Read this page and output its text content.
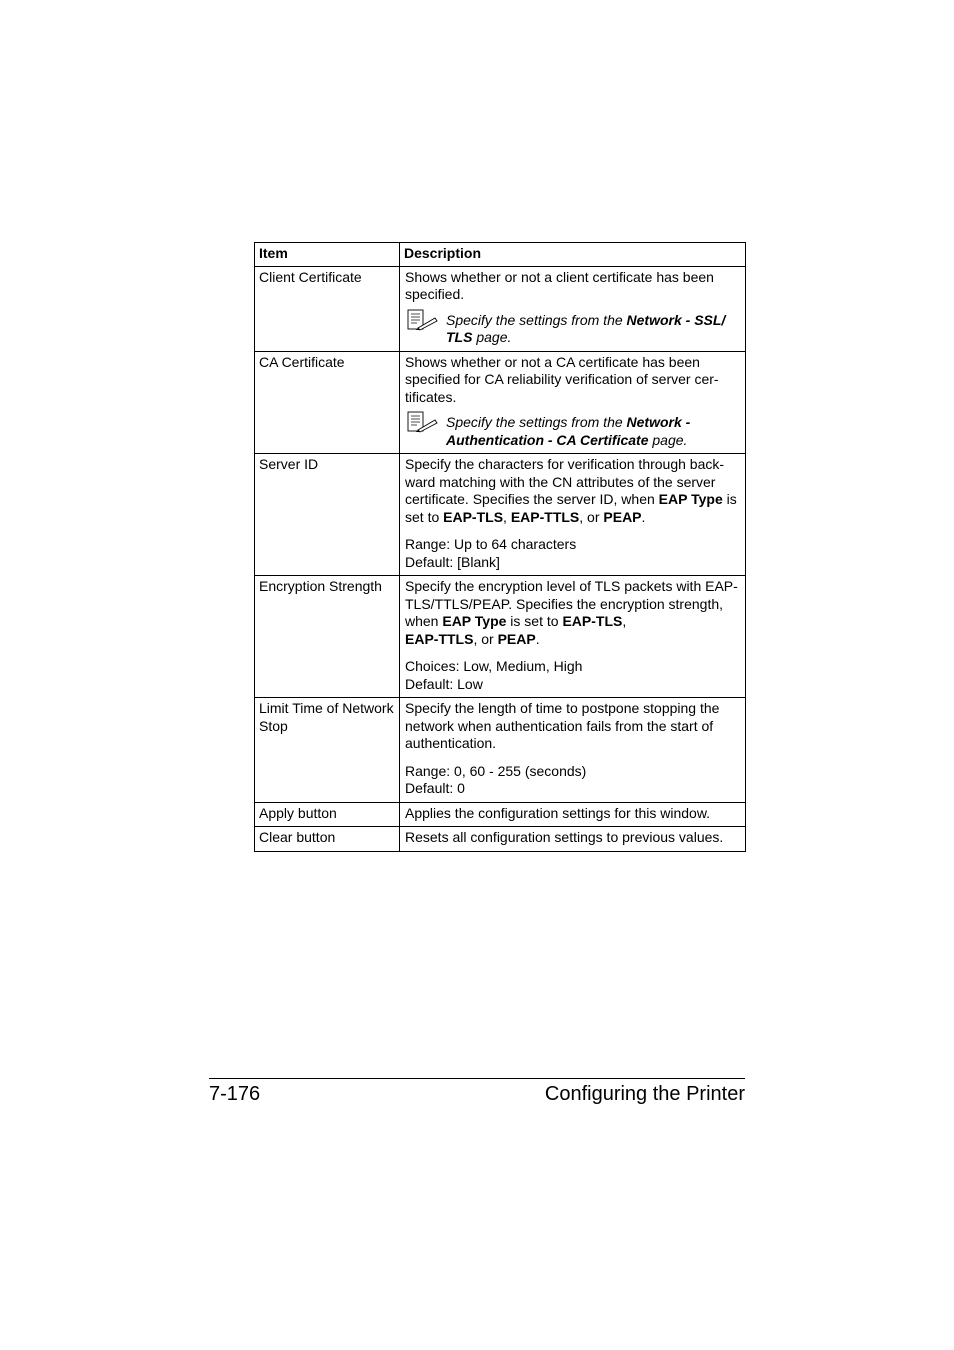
Item	Description
Client Certificate	Shows whether or not a client certificate has been specified.

Specify the settings from the Network - SSL/ TLS page.

CA Certificate	Shows whether or not a CA certificate has been specified for CA reliability verification of server cer- tificates.

Specify the settings from the Network - Authentication - CA Certificate page.

Server ID	Specify the characters for verification through back- ward matching with the CN attributes of the server certificate. Specifies the server ID, when EAP Type is set to EAP-TLS, EAP-TTLS, or PEAP.

Range: Up to 64 characters

Default: [Blank]

Encryption Strength	Specify the encryption level of TLS packets with EAP-TLS/TTLS/PEAP. Specifies the encryption strength, when EAP Type is set to EAP-TLS,
EAP-TTLS, or PEAP.

Choices: Low, Medium, High

Default: Low

Limit Time of Network Stop	Specify the length of time to postpone stopping the network when authentication fails from the start of authentication.

Range: 0, 60 - 255 (seconds)

Default: 0

Apply button	Applies the configuration settings for this window.
Clear button	Resets all configuration settings to previous values.
7-176	Configuring the Printer
